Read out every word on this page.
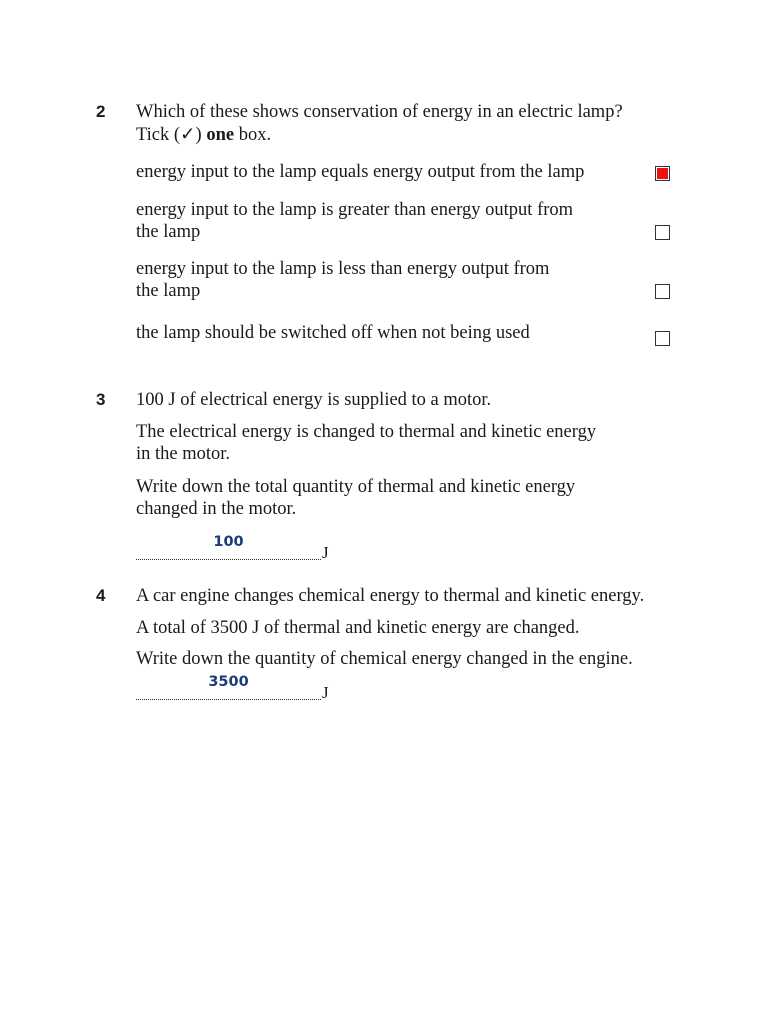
2 Which of these shows conservation of energy in an electric lamp?
Tick (✓) one box.
energy input to the lamp equals energy output from the lamp
energy input to the lamp is greater than energy output from
the lamp
energy input to the lamp is less than energy output from
the lamp
the lamp should be switched off when not being used
3 100 J of electrical energy is supplied to a motor.
The electrical energy is changed to thermal and kinetic energy
in the motor.
Write down the total quantity of thermal and kinetic energy
changed in the motor.
100
J
4 A car engine changes chemical energy to thermal and kinetic energy.
A total of 3500 J of thermal and kinetic energy are changed.
Write down the quantity of chemical energy changed in the engine.
3500
J
